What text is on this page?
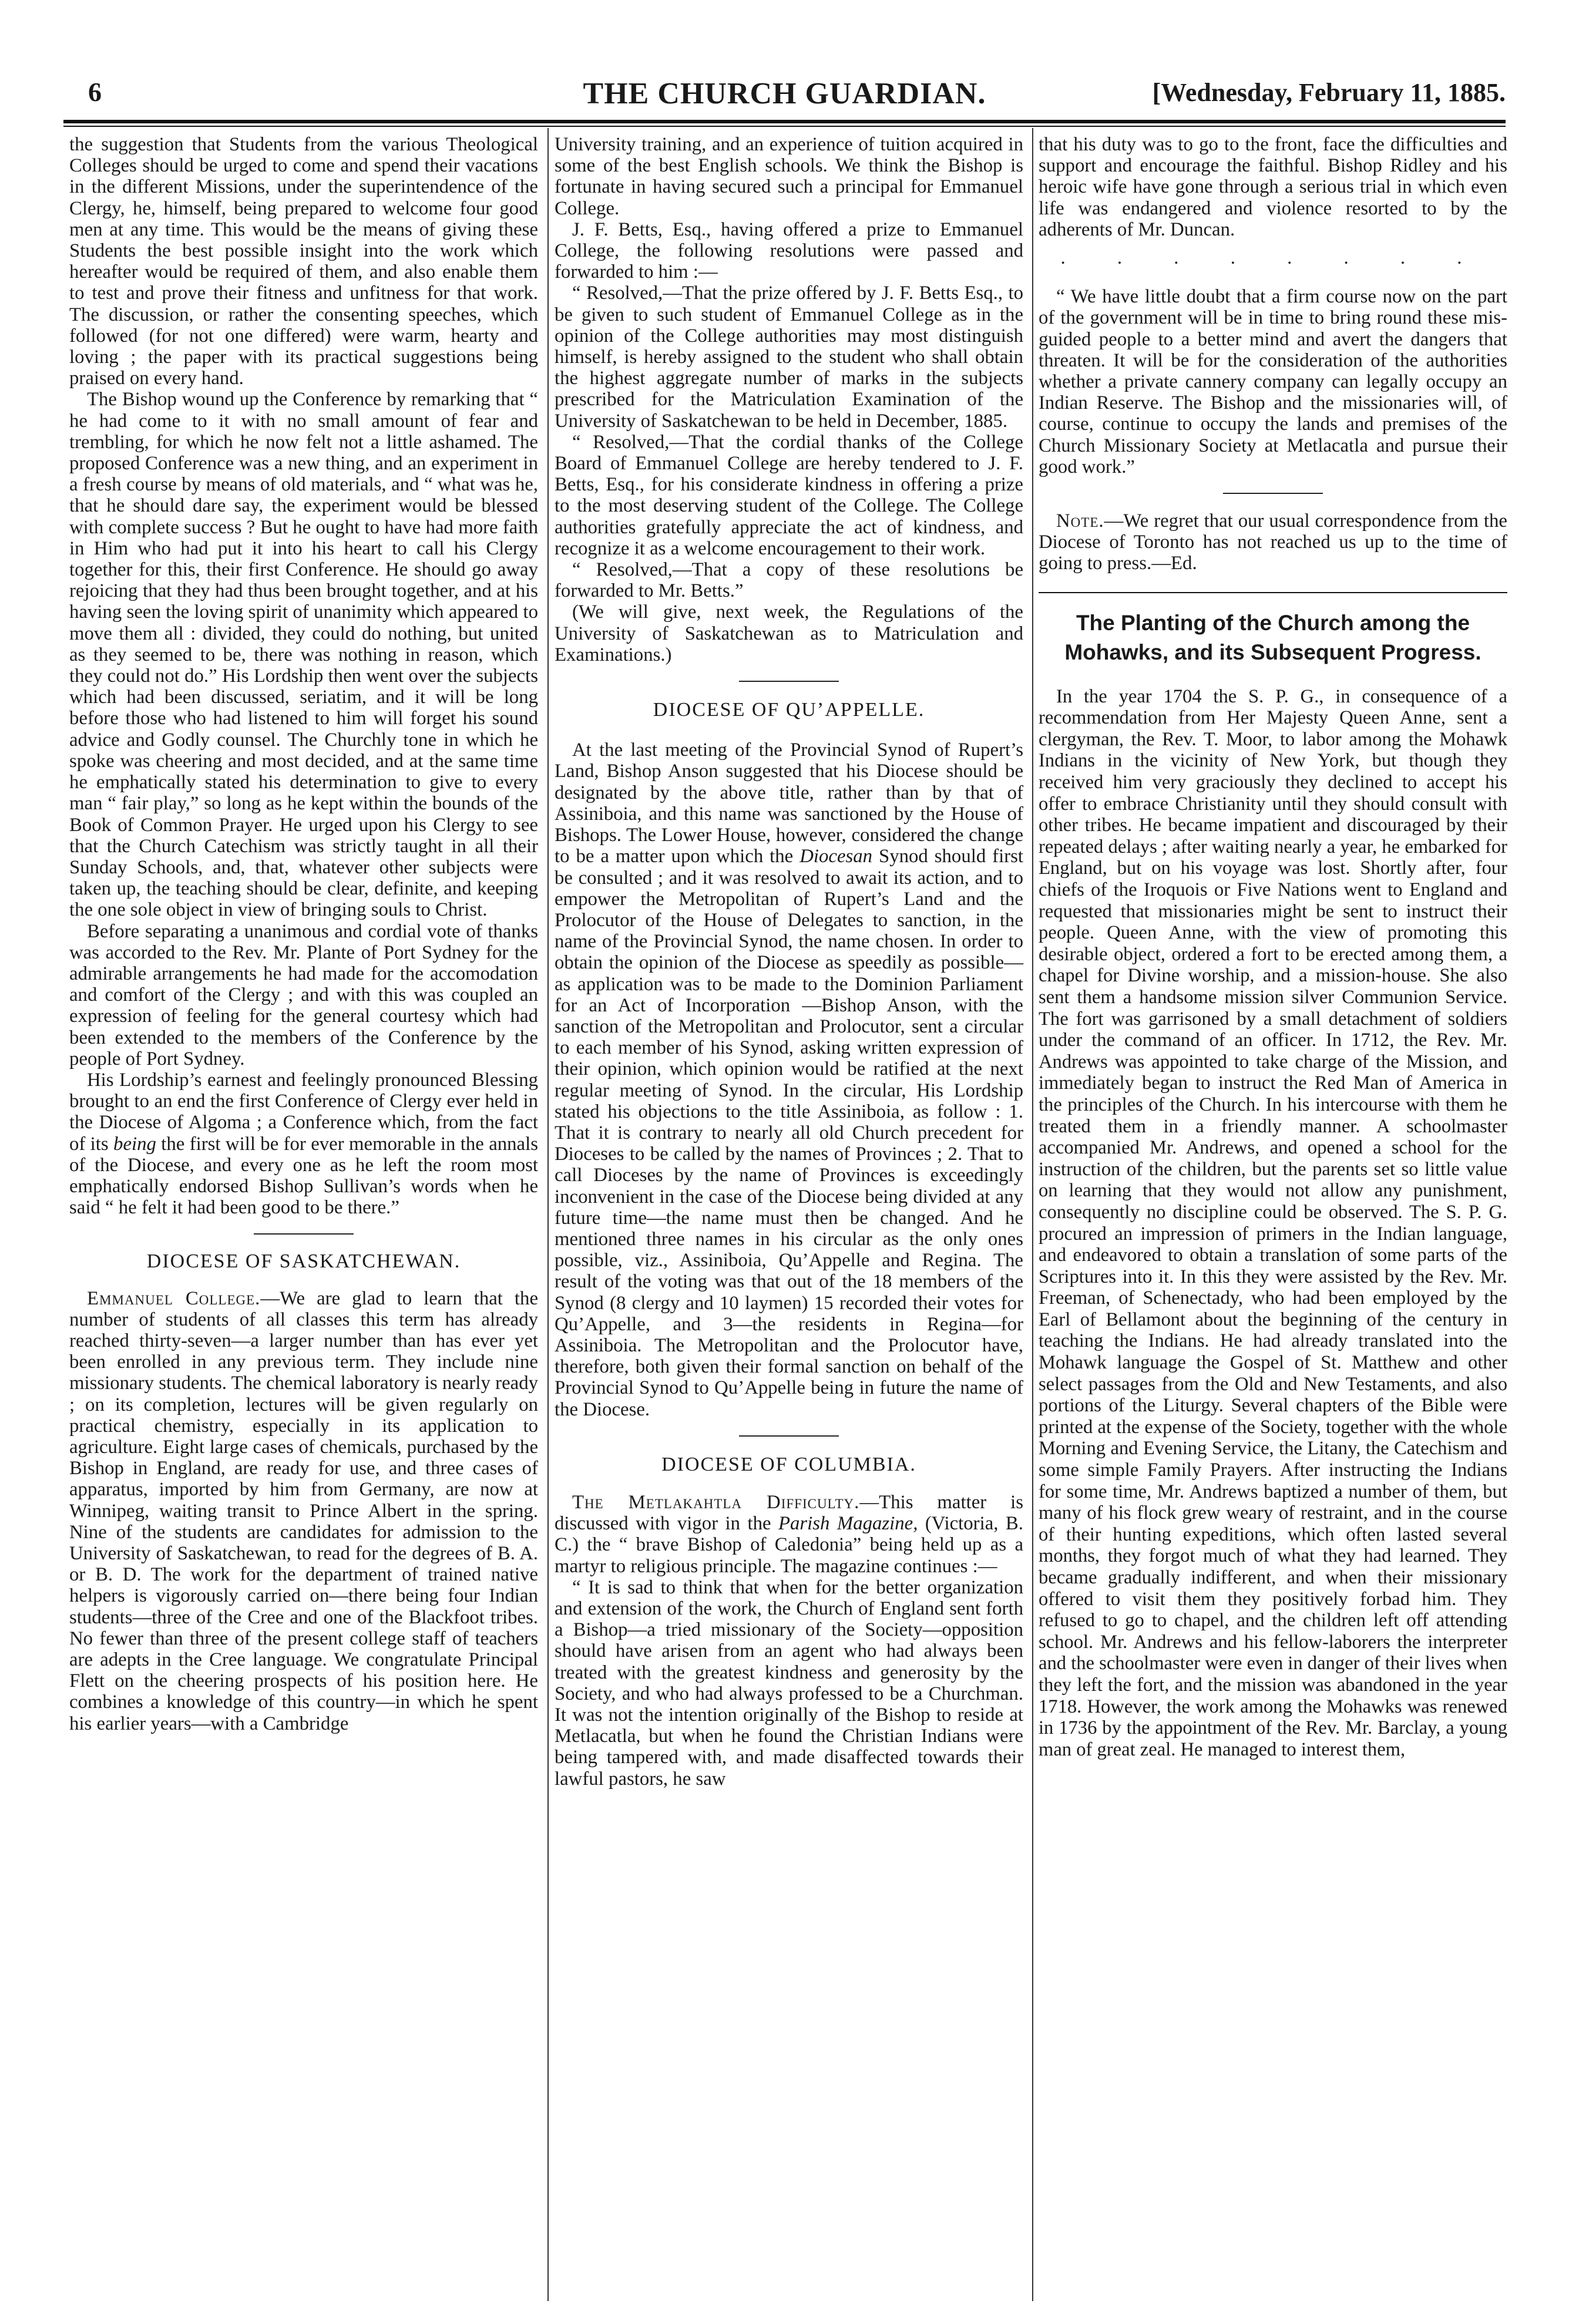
6	THE CHURCH GUARDIAN.	[Wednesday, February 11, 1885.

the suggestion that Students from the various Theological Colleges should be urged to come and spend their vacations in the different Missions, under the superintendence of the Clergy, he, himself, being prepared to welcome four good men at any time. This would be the means of giving these Students the best possible insight into the work which hereafter would be required of them, and also enable them to test and prove their fitness and unfitness for that work. The discussion, or rather the consenting speeches, which followed (for not one differed) were warm, hearty and loving ; the paper with its practical suggestions being praised on every hand.

The Bishop wound up the Conference by remarking that “ he had come to it with no small amount of fear and trembling, for which he now felt not a little ashamed. The proposed Conference was a new thing, and an experiment in a fresh course by means of old materials, and “ what was he, that he should dare say, the experiment would be blessed with complete success ? But he ought to have had more faith in Him who had put it into his heart to call his Clergy together for this, their first Conference. He should go away rejoicing that they had thus been brought together, and at his having seen the loving spirit of unanimity which appeared to move them all : divided, they could do nothing, but united as they seemed to be, there was nothing in reason, which they could not do.” His Lordship then went over the subjects which had been discussed, seriatim, and it will be long before those who had listened to him will forget his sound advice and Godly counsel. The Churchly tone in which he spoke was cheering and most decided, and at the same time he emphatically stated his determination to give to every man “ fair play,” so long as he kept within the bounds of the Book of Common Prayer. He urged upon his Clergy to see that the Church Catechism was strictly taught in all their Sunday Schools, and, that, whatever other subjects were taken up, the teaching should be clear, definite, and keeping the one sole object in view of bringing souls to Christ.

Before separating a unanimous and cordial vote of thanks was accorded to the Rev. Mr. Plante of Port Sydney for the admirable arrangements he had made for the accomodation and comfort of the Clergy ; and with this was coupled an expression of feeling for the general courtesy which had been extended to the members of the Conference by the people of Port Sydney.

His Lordship’s earnest and feelingly pronounced Blessing brought to an end the first Conference of Clergy ever held in the Diocese of Algoma ; a Conference which, from the fact of its being the first will be for ever memorable in the annals of the Diocese, and every one as he left the room most emphatically endorsed Bishop Sullivan’s words when he said “ he felt it had been good to be there.”

DIOCESE OF SASKATCHEWAN.

Emmanuel College.—We are glad to learn that the number of students of all classes this term has already reached thirty-seven—a larger number than has ever yet been enrolled in any previous term. They include nine missionary students. The chemical laboratory is nearly ready ; on its completion, lectures will be given regularly on practical chemistry, especially in its application to agriculture. Eight large cases of chemicals, purchased by the Bishop in England, are ready for use, and three cases of apparatus, imported by him from Germany, are now at Winnipeg, waiting transit to Prince Albert in the spring. Nine of the students are candidates for admission to the University of Saskatchewan, to read for the degrees of B. A. or B. D. The work for the department of trained native helpers is vigorously carried on—there being four Indian students—three of the Cree and one of the Blackfoot tribes. No fewer than three of the present college staff of teachers are adepts in the Cree language. We congratulate Principal Flett on the cheering prospects of his position here. He combines a knowledge of this country—in which he spent his earlier years—with a Cambridge

University training, and an experience of tuition acquired in some of the best English schools. We think the Bishop is fortunate in having secured such a principal for Emmanuel College.

J. F. Betts, Esq., having offered a prize to Emmanuel College, the following resolutions were passed and forwarded to him :—

“ Resolved,—That the prize offered by J. F. Betts Esq., to be given to such student of Emmanuel College as in the opinion of the College authorities may most distinguish himself, is hereby assigned to the student who shall obtain the highest aggregate number of marks in the subjects prescribed for the Matriculation Examination of the University of Saskatchewan to be held in December, 1885.

“ Resolved,—That the cordial thanks of the College Board of Emmanuel College are hereby tendered to J. F. Betts, Esq., for his considerate kindness in offering a prize to the most deserving student of the College. The College authorities gratefully appreciate the act of kindness, and recognize it as a welcome encouragement to their work.

“ Resolved,—That a copy of these resolutions be forwarded to Mr. Betts.”

(We will give, next week, the Regulations of the University of Saskatchewan as to Matriculation and Examinations.)

DIOCESE OF QU’APPELLE.

At the last meeting of the Provincial Synod of Rupert’s Land, Bishop Anson suggested that his Diocese should be designated by the above title, rather than by that of Assiniboia, and this name was sanctioned by the House of Bishops. The Lower House, however, considered the change to be a matter upon which the Diocesan Synod should first be consulted ; and it was resolved to await its action, and to empower the Metropolitan of Rupert’s Land and the Prolocutor of the House of Delegates to sanction, in the name of the Provincial Synod, the name chosen. In order to obtain the opinion of the Diocese as speedily as possible—as application was to be made to the Dominion Parliament for an Act of Incorporation —Bishop Anson, with the sanction of the Metropolitan and Prolocutor, sent a circular to each member of his Synod, asking written expression of their opinion, which opinion would be ratified at the next regular meeting of Synod. In the circular, His Lordship stated his objections to the title Assiniboia, as follow : 1. That it is contrary to nearly all old Church precedent for Dioceses to be called by the names of Provinces ; 2. That to call Dioceses by the name of Provinces is exceedingly inconvenient in the case of the Diocese being divided at any future time—the name must then be changed. And he mentioned three names in his circular as the only ones possible, viz., Assiniboia, Qu’Appelle and Regina. The result of the voting was that out of the 18 members of the Synod (8 clergy and 10 laymen) 15 recorded their votes for Qu’Appelle, and 3—the residents in Regina—for Assiniboia. The Metropolitan and the Prolocutor have, therefore, both given their formal sanction on behalf of the Provincial Synod to Qu’Appelle being in future the name of the Diocese.

DIOCESE OF COLUMBIA.

The Metlakahtla Difficulty.—This matter is discussed with vigor in the Parish Magazine, (Victoria, B. C.) the “ brave Bishop of Caledonia” being held up as a martyr to religious principle. The magazine continues :—

“ It is sad to think that when for the better organization and extension of the work, the Church of England sent forth a Bishop—a tried missionary of the Society—opposition should have arisen from an agent who had always been treated with the greatest kindness and generosity by the Society, and who had always professed to be a Churchman. It was not the intention originally of the Bishop to reside at Metlacatla, but when he found the Christian Indians were being tampered with, and made disaffected towards their lawful pastors, he saw

that his duty was to go to the front, face the difficulties and support and encourage the faithful. Bishop Ridley and his heroic wife have gone through a serious trial in which even life was endangered and violence resorted to by the adherents of Mr. Duncan.

. . . . . . . .

“ We have little doubt that a firm course now on the part of the government will be in time to bring round these mis-guided people to a better mind and avert the dangers that threaten. It will be for the consideration of the authorities whether a private cannery company can legally occupy an Indian Reserve. The Bishop and the missionaries will, of course, continue to occupy the lands and premises of the Church Missionary Society at Metlacatla and pursue their good work.”

Note.—We regret that our usual correspondence from the Diocese of Toronto has not reached us up to the time of going to press.—Ed.

The Planting of the Church among the Mohawks, and its Subsequent Progress.

In the year 1704 the S. P. G., in consequence of a recommendation from Her Majesty Queen Anne, sent a clergyman, the Rev. T. Moor, to labor among the Mohawk Indians in the vicinity of New York, but though they received him very graciously they declined to accept his offer to embrace Christianity until they should consult with other tribes. He became impatient and discouraged by their repeated delays ; after waiting nearly a year, he embarked for England, but on his voyage was lost. Shortly after, four chiefs of the Iroquois or Five Nations went to England and requested that missionaries might be sent to instruct their people. Queen Anne, with the view of promoting this desirable object, ordered a fort to be erected among them, a chapel for Divine worship, and a mission-house. She also sent them a handsome mission silver Communion Service. The fort was garrisoned by a small detachment of soldiers under the command of an officer. In 1712, the Rev. Mr. Andrews was appointed to take charge of the Mission, and immediately began to instruct the Red Man of America in the principles of the Church. In his intercourse with them he treated them in a friendly manner. A schoolmaster accompanied Mr. Andrews, and opened a school for the instruction of the children, but the parents set so little value on learning that they would not allow any punishment, consequently no discipline could be observed. The S. P. G. procured an impression of primers in the Indian language, and endeavored to obtain a translation of some parts of the Scriptures into it. In this they were assisted by the Rev. Mr. Freeman, of Schenectady, who had been employed by the Earl of Bellamont about the beginning of the century in teaching the Indians. He had already translated into the Mohawk language the Gospel of St. Matthew and other select passages from the Old and New Testaments, and also portions of the Liturgy. Several chapters of the Bible were printed at the expense of the Society, together with the whole Morning and Evening Service, the Litany, the Catechism and some simple Family Prayers. After instructing the Indians for some time, Mr. Andrews baptized a number of them, but many of his flock grew weary of restraint, and in the course of their hunting expeditions, which often lasted several months, they forgot much of what they had learned. They became gradually indifferent, and when their missionary offered to visit them they positively forbad him. They refused to go to chapel, and the children left off attending school. Mr. Andrews and his fellow-laborers the interpreter and the schoolmaster were even in danger of their lives when they left the fort, and the mission was abandoned in the year 1718. However, the work among the Mohawks was renewed in 1736 by the appointment of the Rev. Mr. Barclay, a young man of great zeal. He managed to interest them,
